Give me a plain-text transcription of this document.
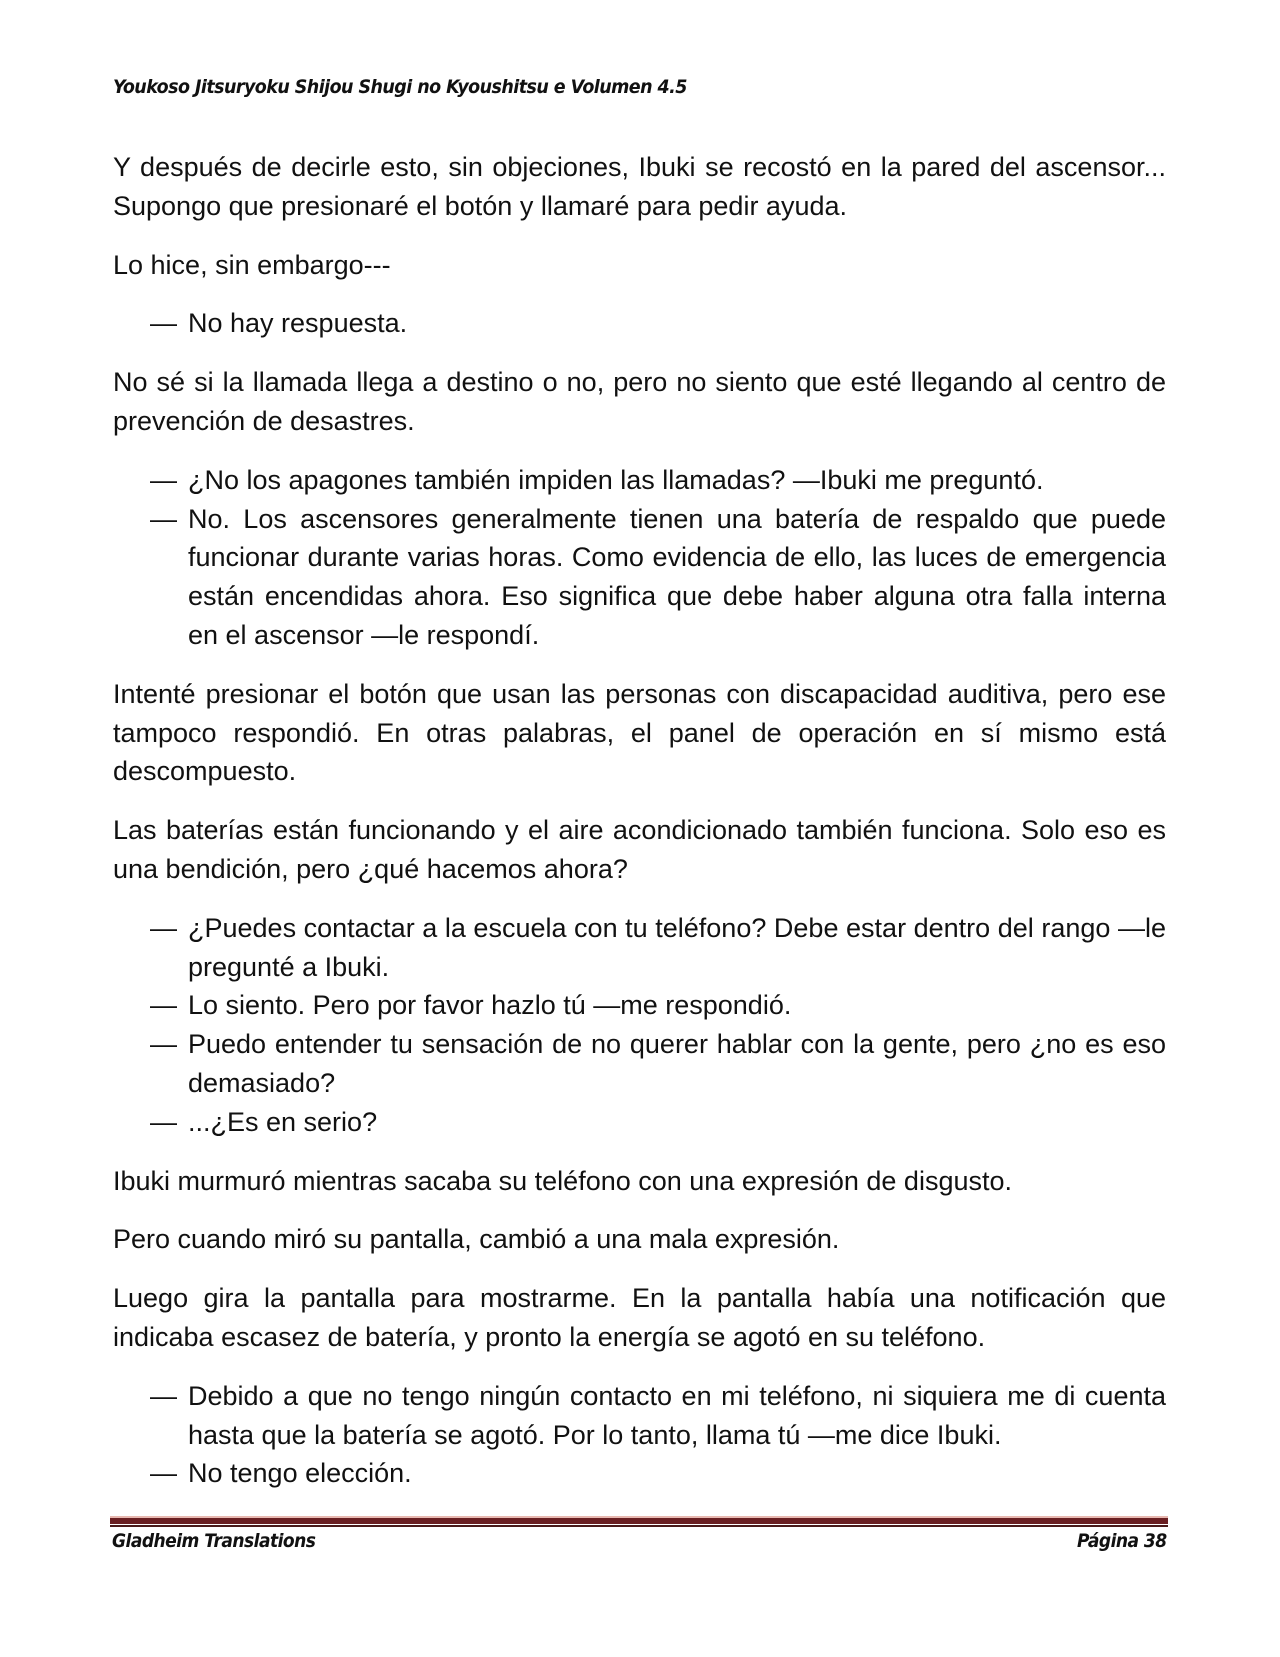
Youkoso Jitsuryoku Shijou Shugi no Kyoushitsu e Volumen 4.5

Y después de decirle esto, sin objeciones, Ibuki se recostó en la pared del ascensor... Supongo que presionaré el botón y llamaré para pedir ayuda.

Lo hice, sin embargo---

— No hay respuesta.

No sé si la llamada llega a destino o no, pero no siento que esté llegando al centro de prevención de desastres.

— ¿No los apagones también impiden las llamadas? —Ibuki me preguntó.
— No. Los ascensores generalmente tienen una batería de respaldo que puede funcionar durante varias horas. Como evidencia de ello, las luces de emergencia están encendidas ahora. Eso significa que debe haber alguna otra falla interna en el ascensor —le respondí.

Intenté presionar el botón que usan las personas con discapacidad auditiva, pero ese tampoco respondió. En otras palabras, el panel de operación en sí mismo está descompuesto.

Las baterías están funcionando y el aire acondicionado también funciona. Solo eso es una bendición, pero ¿qué hacemos ahora?

— ¿Puedes contactar a la escuela con tu teléfono? Debe estar dentro del rango —le pregunté a Ibuki.
— Lo siento. Pero por favor hazlo tú —me respondió.
— Puedo entender tu sensación de no querer hablar con la gente, pero ¿no es eso demasiado?
— ...¿Es en serio?

Ibuki murmuró mientras sacaba su teléfono con una expresión de disgusto.

Pero cuando miró su pantalla, cambió a una mala expresión.

Luego gira la pantalla para mostrarme. En la pantalla había una notificación que indicaba escasez de batería, y pronto la energía se agotó en su teléfono.

— Debido a que no tengo ningún contacto en mi teléfono, ni siquiera me di cuenta hasta que la batería se agotó. Por lo tanto, llama tú —me dice Ibuki.
— No tengo elección.
Gladheim Translations	Página 38
